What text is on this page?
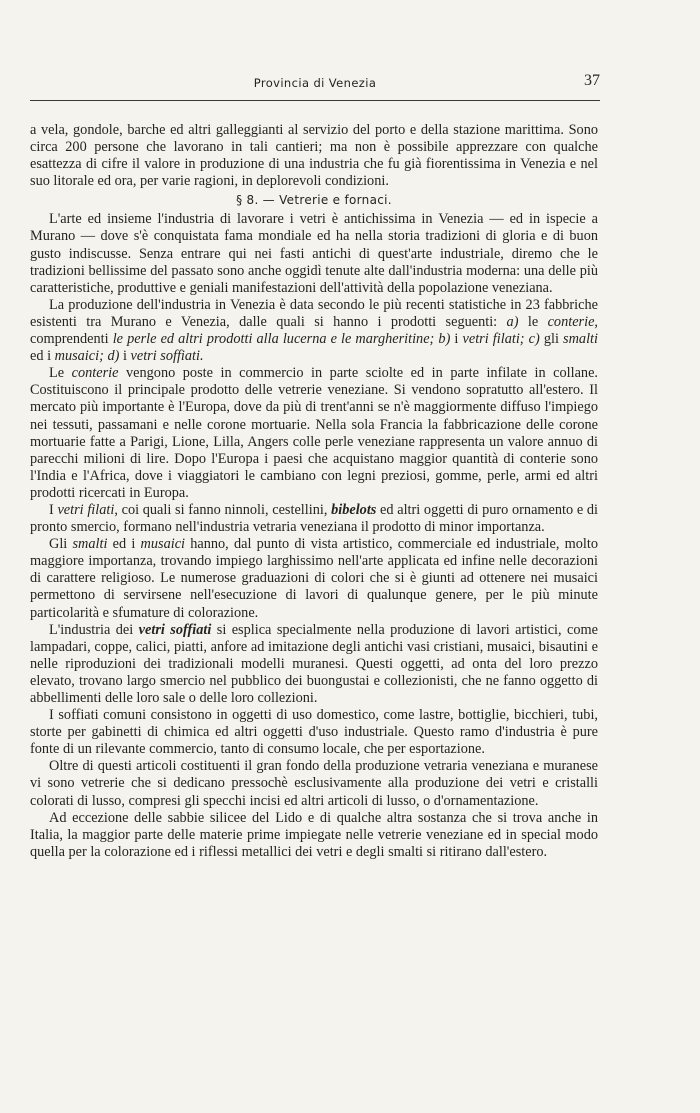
Provincia di Venezia	37

a vela, gondole, barche ed altri galleggianti al servizio del porto e della stazione marittima. Sono circa 200 persone che lavorano in tali cantieri; ma non è possibile apprezzare con qualche esattezza di cifre il valore in produzione di una industria che fu già fiorentissima in Venezia e nel suo litorale ed ora, per varie ragioni, in deplorevoli condizioni.

§ 8. — Vetrerie e fornaci.

L'arte ed insieme l'industria di lavorare i vetri è antichissima in Venezia — ed in ispecie a Murano — dove s'è conquistata fama mondiale ed ha nella storia tradizioni di gloria e di buon gusto indiscusse. Senza entrare qui nei fasti antichi di quest'arte industriale, diremo che le tradizioni bellissime del passato sono anche oggidì tenute alte dall'industria moderna: una delle più caratteristiche, produttive e geniali manifestazioni dell'attività della popolazione veneziana.

La produzione dell'industria in Venezia è data secondo le più recenti statistiche in 23 fabbriche esistenti tra Murano e Venezia, dalle quali si hanno i prodotti seguenti: a) le conterie, comprendenti le perle ed altri prodotti alla lucerna e le margheritine; b) i vetri filati; c) gli smalti ed i musaici; d) i vetri soffiati.

Le conterie vengono poste in commercio in parte sciolte ed in parte infilate in collane. Costituiscono il principale prodotto delle vetrerie veneziane. Si vendono sopratutto all'estero. Il mercato più importante è l'Europa, dove da più di trent'anni se n'è maggiormente diffuso l'impiego nei tessuti, passamani e nelle corone mortuarie. Nella sola Francia la fabbricazione delle corone mortuarie fatte a Parigi, Lione, Lilla, Angers colle perle veneziane rappresenta un valore annuo di parecchi milioni di lire. Dopo l'Europa i paesi che acquistano maggior quantità di conterie sono l'India e l'Africa, dove i viaggiatori le cambiano con legni preziosi, gomme, perle, armi ed altri prodotti ricercati in Europa.

I vetri filati, coi quali si fanno ninnoli, cestellini, bibelots ed altri oggetti di puro ornamento e di pronto smercio, formano nell'industria vetraria veneziana il prodotto di minor importanza.

Gli smalti ed i musaici hanno, dal punto di vista artistico, commerciale ed industriale, molto maggiore importanza, trovando impiego larghissimo nell'arte applicata ed infine nelle decorazioni di carattere religioso. Le numerose graduazioni di colori che si è giunti ad ottenere nei musaici permettono di servirsene nell'esecuzione di lavori di qualunque genere, per le più minute particolarità e sfumature di colorazione.

L'industria dei vetri soffiati si esplica specialmente nella produzione di lavori artistici, come lampadari, coppe, calici, piatti, anfore ad imitazione degli antichi vasi cristiani, musaici, bisautini e nelle riproduzioni dei tradizionali modelli muranesi. Questi oggetti, ad onta del loro prezzo elevato, trovano largo smercio nel pubblico dei buongustai e collezionisti, che ne fanno oggetto di abbellimenti delle loro sale o delle loro collezioni.

I soffiati comuni consistono in oggetti di uso domestico, come lastre, bottiglie, bicchieri, tubi, storte per gabinetti di chimica ed altri oggetti d'uso industriale. Questo ramo d'industria è pure fonte di un rilevante commercio, tanto di consumo locale, che per esportazione.

Oltre di questi articoli costituenti il gran fondo della produzione vetraria veneziana e muranese vi sono vetrerie che si dedicano pressochè esclusivamente alla produzione dei vetri e cristalli colorati di lusso, compresi gli specchi incisi ed altri articoli di lusso, o d'ornamentazione.

Ad eccezione delle sabbie silicee del Lido e di qualche altra sostanza che si trova anche in Italia, la maggior parte delle materie prime impiegate nelle vetrerie veneziane ed in special modo quella per la colorazione ed i riflessi metallici dei vetri e degli smalti si ritirano dall'estero.
